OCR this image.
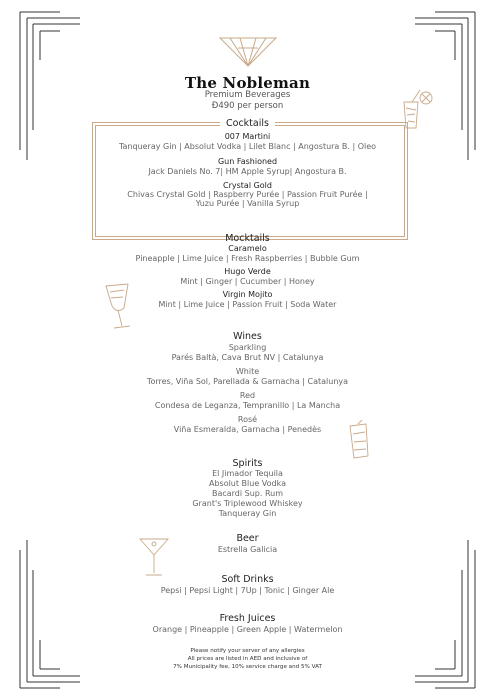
The Nobleman
Premium Beverages
Đ490 per person
Cocktails
007 Martini
Tanqueray Gin | Absolut Vodka | Lilet Blanc | Angostura B. | Oleo
Gun Fashioned
Jack Daniels No. 7| HM Apple Syrup| Angostura B.
Crystal Gold
Chivas Crystal Gold | Raspberry Purée | Passion Fruit Purée |
Yuzu Purée | Vanilla Syrup
Mocktails
Caramelo
Pineapple | Lime Juice | Fresh Raspberries | Bubble Gum
Hugo Verde
Mint | Ginger | Cucumber | Honey
Virgin Mojito
Mint | Lime Juice | Passion Fruit | Soda Water
Wines
Sparkling
Parés Baltà, Cava Brut NV | Catalunya
White
Torres, Viña Sol, Parellada & Garnacha | Catalunya
Red
Condesa de Leganza, Tempranillo | La Mancha
Rosé
Viña Esmeralda, Garnacha | Penedès
Spirits
El Jimador Tequila
Absolut Blue Vodka
Bacardi Sup. Rum
Grant's Triplewood Whiskey
Tanqueray Gin
Beer
Estrella Galicia
Soft Drinks
Pepsi | Pepsi Light | 7Up | Tonic | Ginger Ale
Fresh Juices
Orange | Pineapple | Green Apple | Watermelon
Please notify your server of any allergies
All prices are listed in AED and inclusive of
7% Municipality fee, 10% service charge and 5% VAT
